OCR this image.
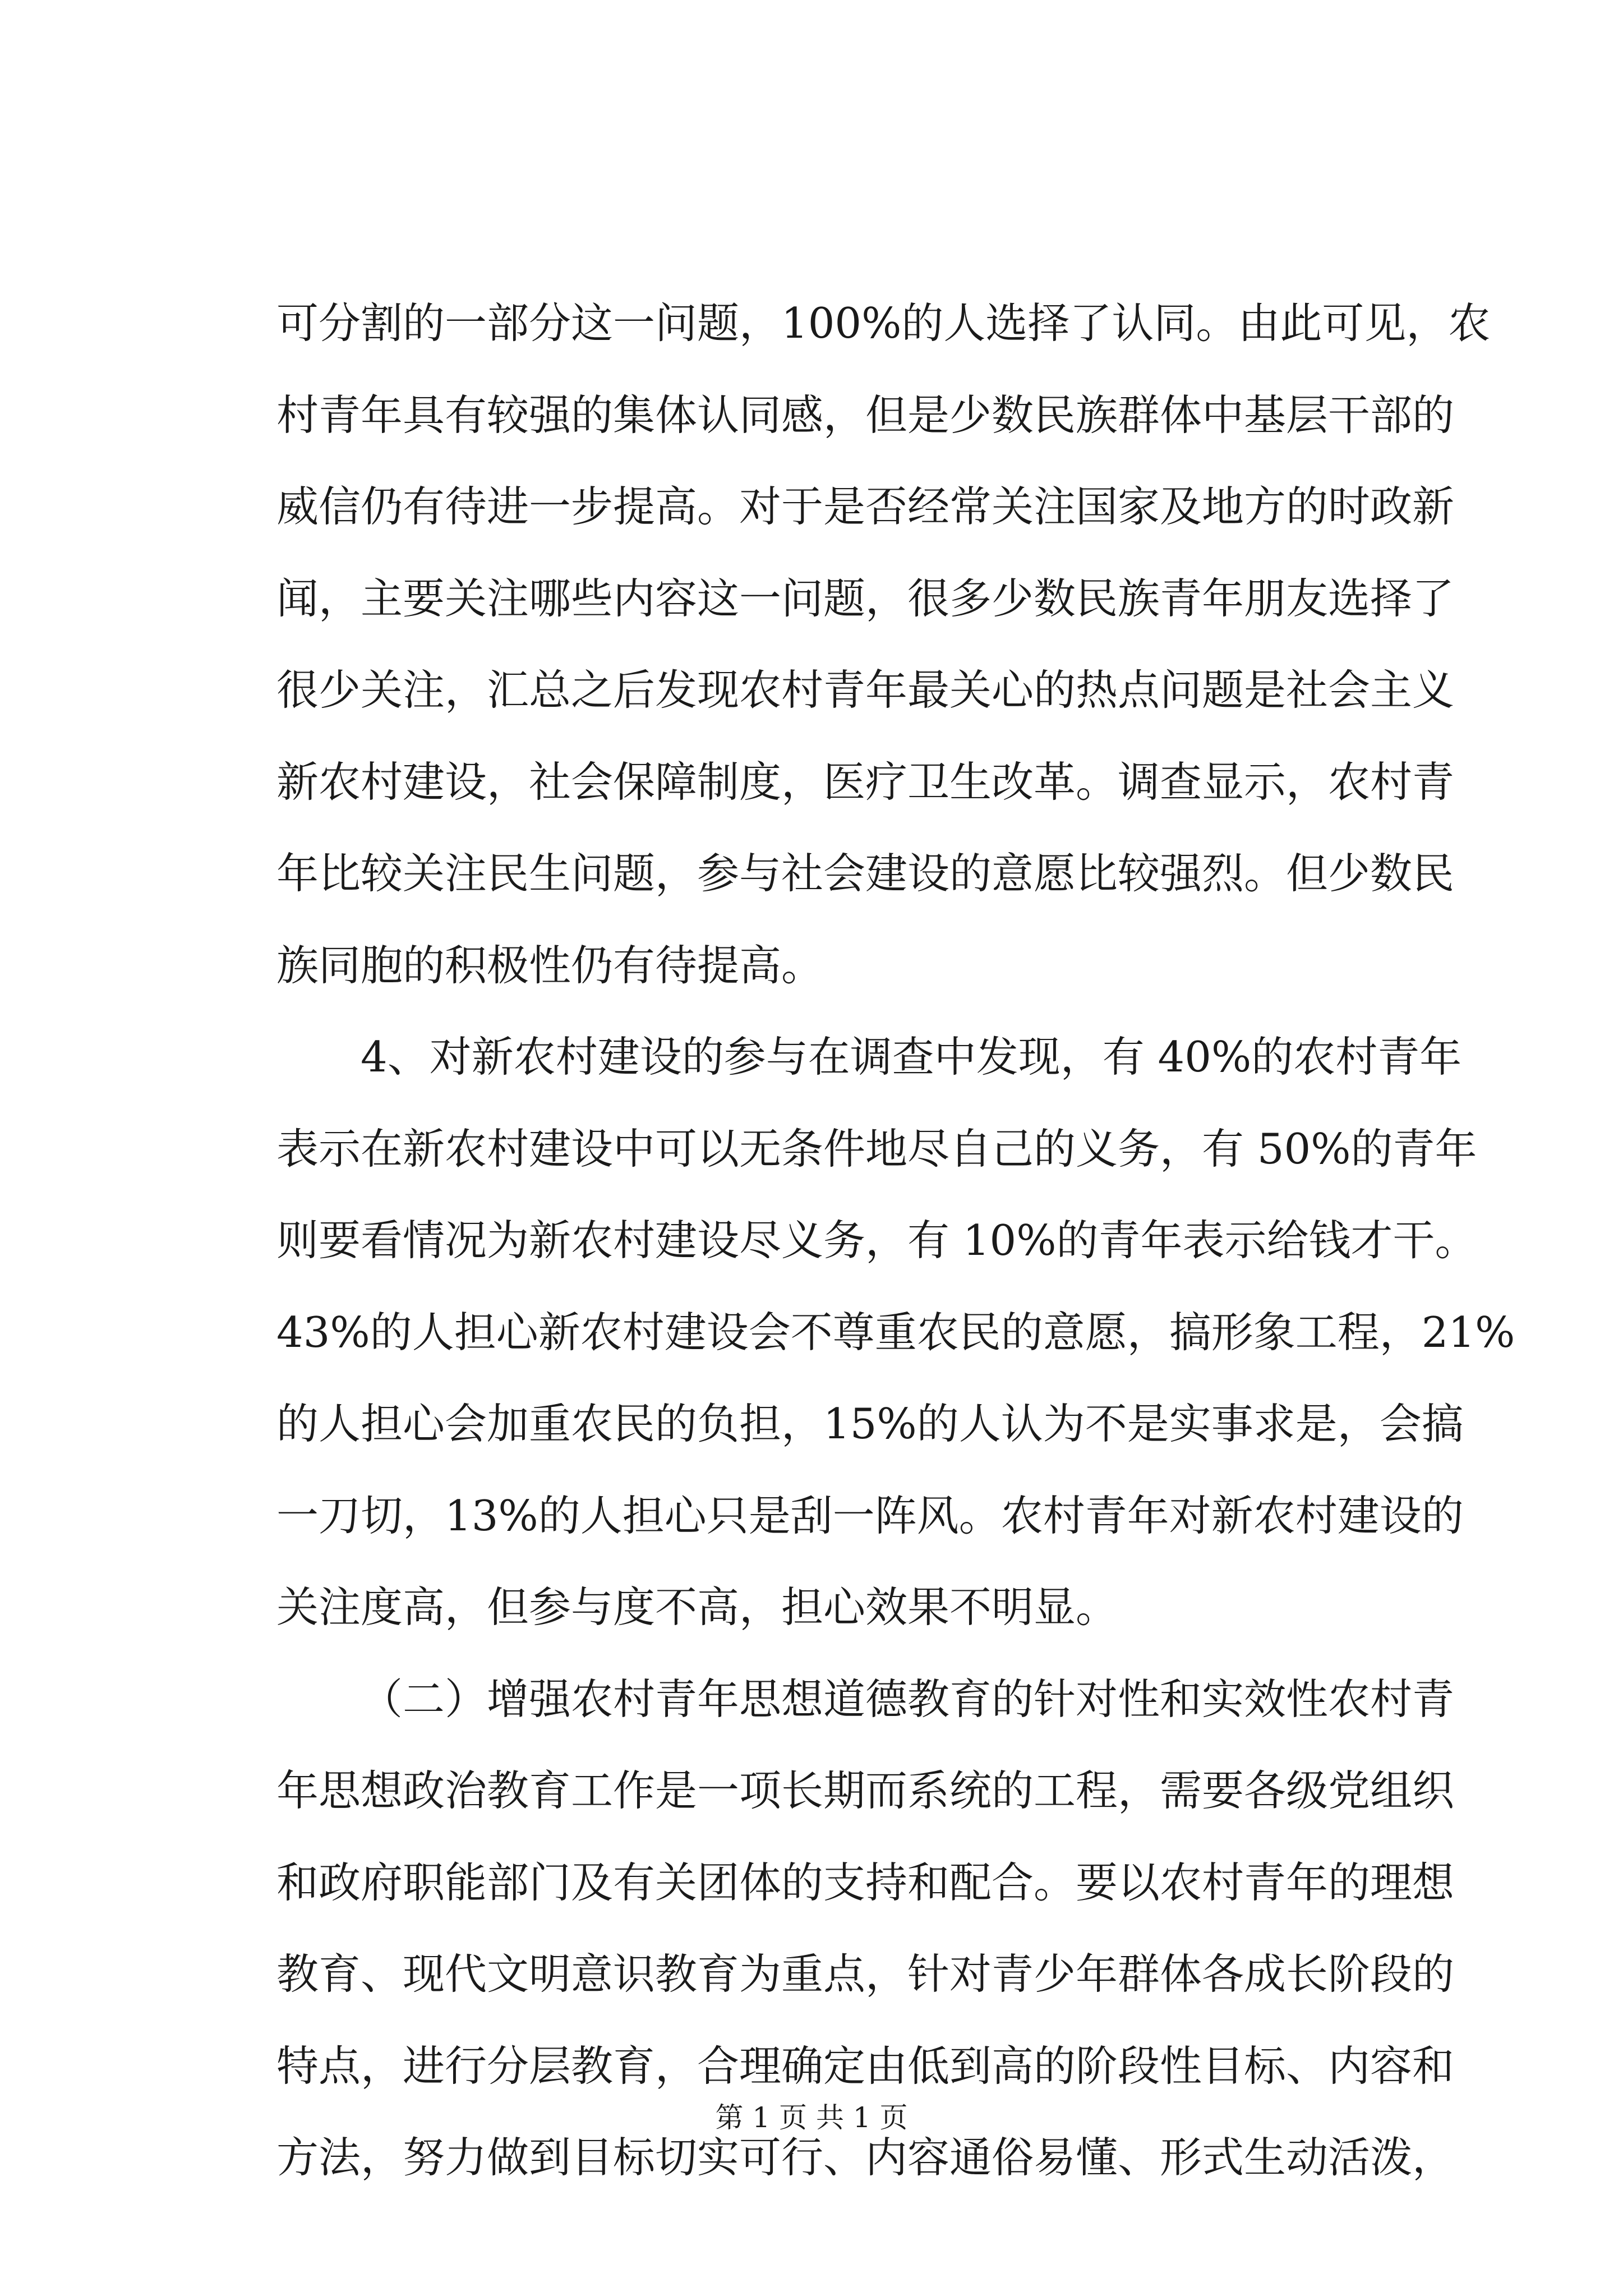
可分割的一部分这一问题，100%的人选择了认同。由此可见，农
村青年具有较强的集体认同感，但是少数民族群体中基层干部的
威信仍有待进一步提高。对于是否经常关注国家及地方的时政新
闻，主要关注哪些内容这一问题，很多少数民族青年朋友选择了
很少关注，汇总之后发现农村青年最关心的热点问题是社会主义
新农村建设，社会保障制度，医疗卫生改革。调查显示，农村青
年比较关注民生问题，参与社会建设的意愿比较强烈。但少数民
族同胞的积极性仍有待提高。
4、对新农村建设的参与在调查中发现，有 40%的农村青年
表示在新农村建设中可以无条件地尽自己的义务，有 50%的青年
则要看情况为新农村建设尽义务，有 10%的青年表示给钱才干。
43%的人担心新农村建设会不尊重农民的意愿，搞形象工程，21%
的人担心会加重农民的负担，15%的人认为不是实事求是，会搞
一刀切，13%的人担心只是刮一阵风。农村青年对新农村建设的
关注度高，但参与度不高，担心效果不明显。
（二）增强农村青年思想道德教育的针对性和实效性农村青
年思想政治教育工作是一项长期而系统的工程，需要各级党组织
和政府职能部门及有关团体的支持和配合。要以农村青年的理想
教育、现代文明意识教育为重点，针对青少年群体各成长阶段的
特点，进行分层教育，合理确定由低到高的阶段性目标、内容和
方法，努力做到目标切实可行、内容通俗易懂、形式生动活泼，
第 1 页 共 1 页
